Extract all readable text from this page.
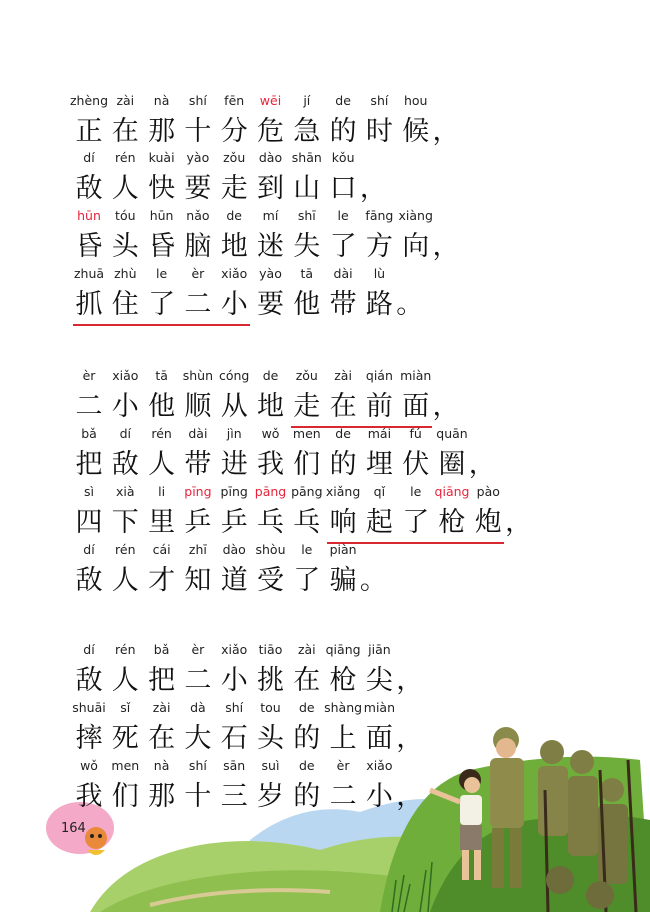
164
zhèng
正
zài
在
nà
那
shí
十
fēn
分
wēi
危
jí
急
de
的
shí
时
hou
候 ，
dí
敌
rén
人
kuài
快
yào
要
zǒu
走
dào
到
shān
山
kǒu
口 ，
hūn
昏
tóu
头
hūn
昏
nǎo
脑
de
地
mí
迷
shī
失
le
了
fāng
方
xiàng
向 ，
zhuā
抓
zhù
住
le
了
èr
二
xiǎo
小
yào
要
tā
他
dài
带
lù
路 。
èr
二
xiǎo
小
tā
他
shùn
顺
cóng
从
de
地
zǒu
走
zài
在
qián
前
miàn
面 ，
bǎ
把
dí
敌
rén
人
dài
带
jìn
进
wǒ
我
men
们
de
的
mái
埋
fú
伏
quān
圈 ，
sì
四
xià
下
li
里
pīng
乒
pīng
乒
pāng
乓
pāng
乓
xiǎng
响
qǐ
起
le
了
qiāng
枪
pào
炮 ，
dí
敌
rén
人
cái
才
zhī
知
dào
道
shòu
受
le
了
piàn
骗 。
dí
敌
rén
人
bǎ
把
èr
二
xiǎo
小
tiāo
挑
zài
在
qiāng
枪
jiān
尖 ，
shuāi
摔
sǐ
死
zài
在
dà
大
shí
石
tou
头
de
的
shàng
上
miàn
面 ，
wǒ
我
men
们
nà
那
shí
十
sān
三
suì
岁
de
的
èr
二
xiǎo
小 ，
